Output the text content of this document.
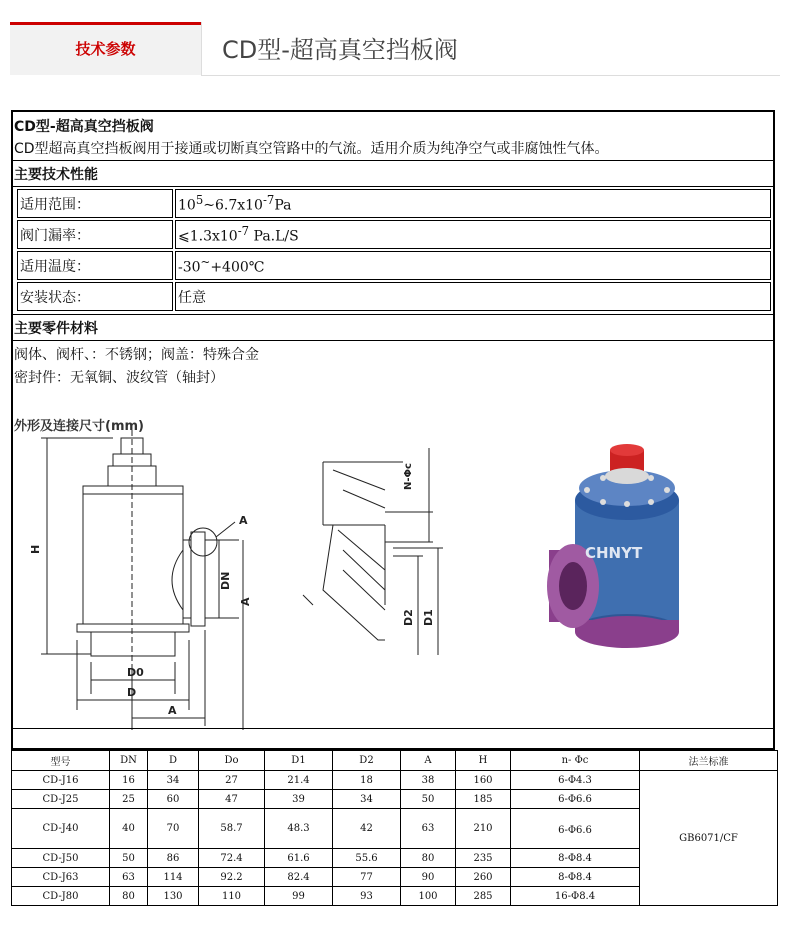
技术参数	CD型-超高真空挡板阀
CD型-超高真空挡板阀
CD型超高真空挡板阀用于接通或切断真空管路中的气流。适用介质为纯净空气或非腐蚀性气体。
主要技术性能
适用范围：	$10^5\sim 6.7x10^{-7}Pa$
阀门漏率：	$⩽1.3x10^{-7}$ Pa.L/S
适用温度：	-30~+400℃
安装状态：	任意
主要零件材料
阀体、阀杆、：不锈钢；阀盖：特殊合金
密封件：无氧铜、波纹管（轴封）
外形及连接尺寸(mm)
H
DN
A
D0
D
A
A
N-Φc
D2 D1
CHNYT
型号	DN	D	Do	D1	D2	A	H	n- Φc	法兰标准
CD-J16	16	34	27	21.4	18	38	160	6-Φ4.3	GB6071/CF
CD-J25	25	60	47	39	34	50	185	6-Φ6.6	
CD-J40	40	70	58.7	48.3	42	63	210	6-Φ6.6	
CD-J50	50	86	72.4	61.6	55.6	80	235	8-Φ8.4	
CD-J63	63	114	92.2	82.4	77	90	260	8-Φ8.4	
CD-J80	80	130	110	99	93	100	285	16-Φ8.4	
